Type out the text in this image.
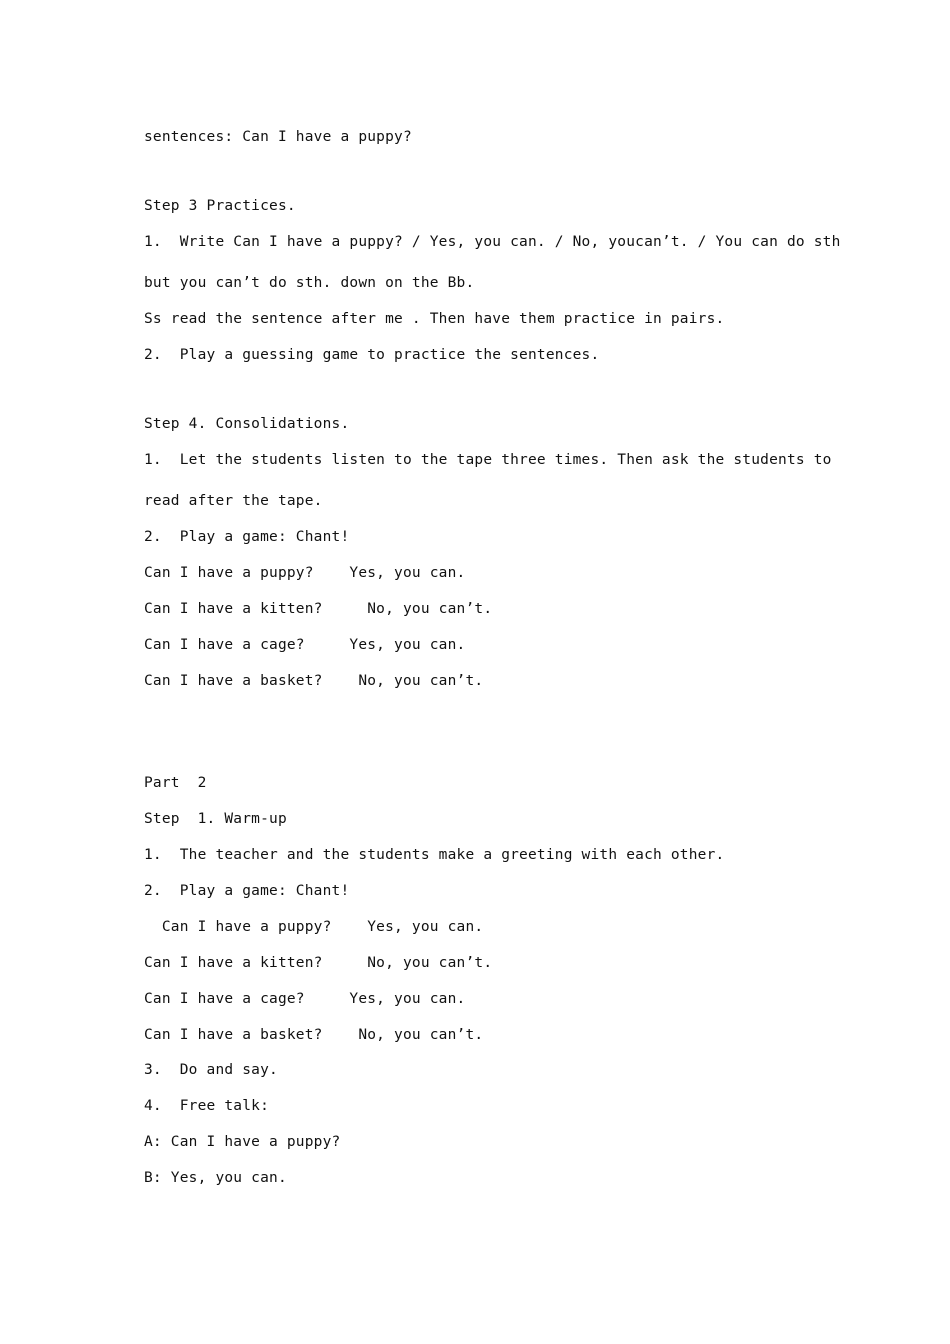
sentences: Can I have a puppy?
Step 3 Practices.
1.  Write Can I have a puppy? / Yes, you can. / No, youcan’t. / You can do sth
but you can’t do sth. down on the Bb.
Ss read the sentence after me . Then have them practice in pairs.
2.  Play a guessing game to practice the sentences.
Step 4. Consolidations.
1.  Let the students listen to the tape three times. Then ask the students to
read after the tape.
2.  Play a game: Chant!
Can I have a puppy?    Yes, you can.
Can I have a kitten?     No, you can’t.
Can I have a cage?     Yes, you can.
Can I have a basket?    No, you can’t.
Part  2
Step  1. Warm-up
1.  The teacher and the students make a greeting with each other.
2.  Play a game: Chant!
Can I have a puppy?    Yes, you can.
Can I have a kitten?     No, you can’t.
Can I have a cage?     Yes, you can.
Can I have a basket?    No, you can’t.
3.  Do and say.
4.  Free talk:
A: Can I have a puppy?
B: Yes, you can.
